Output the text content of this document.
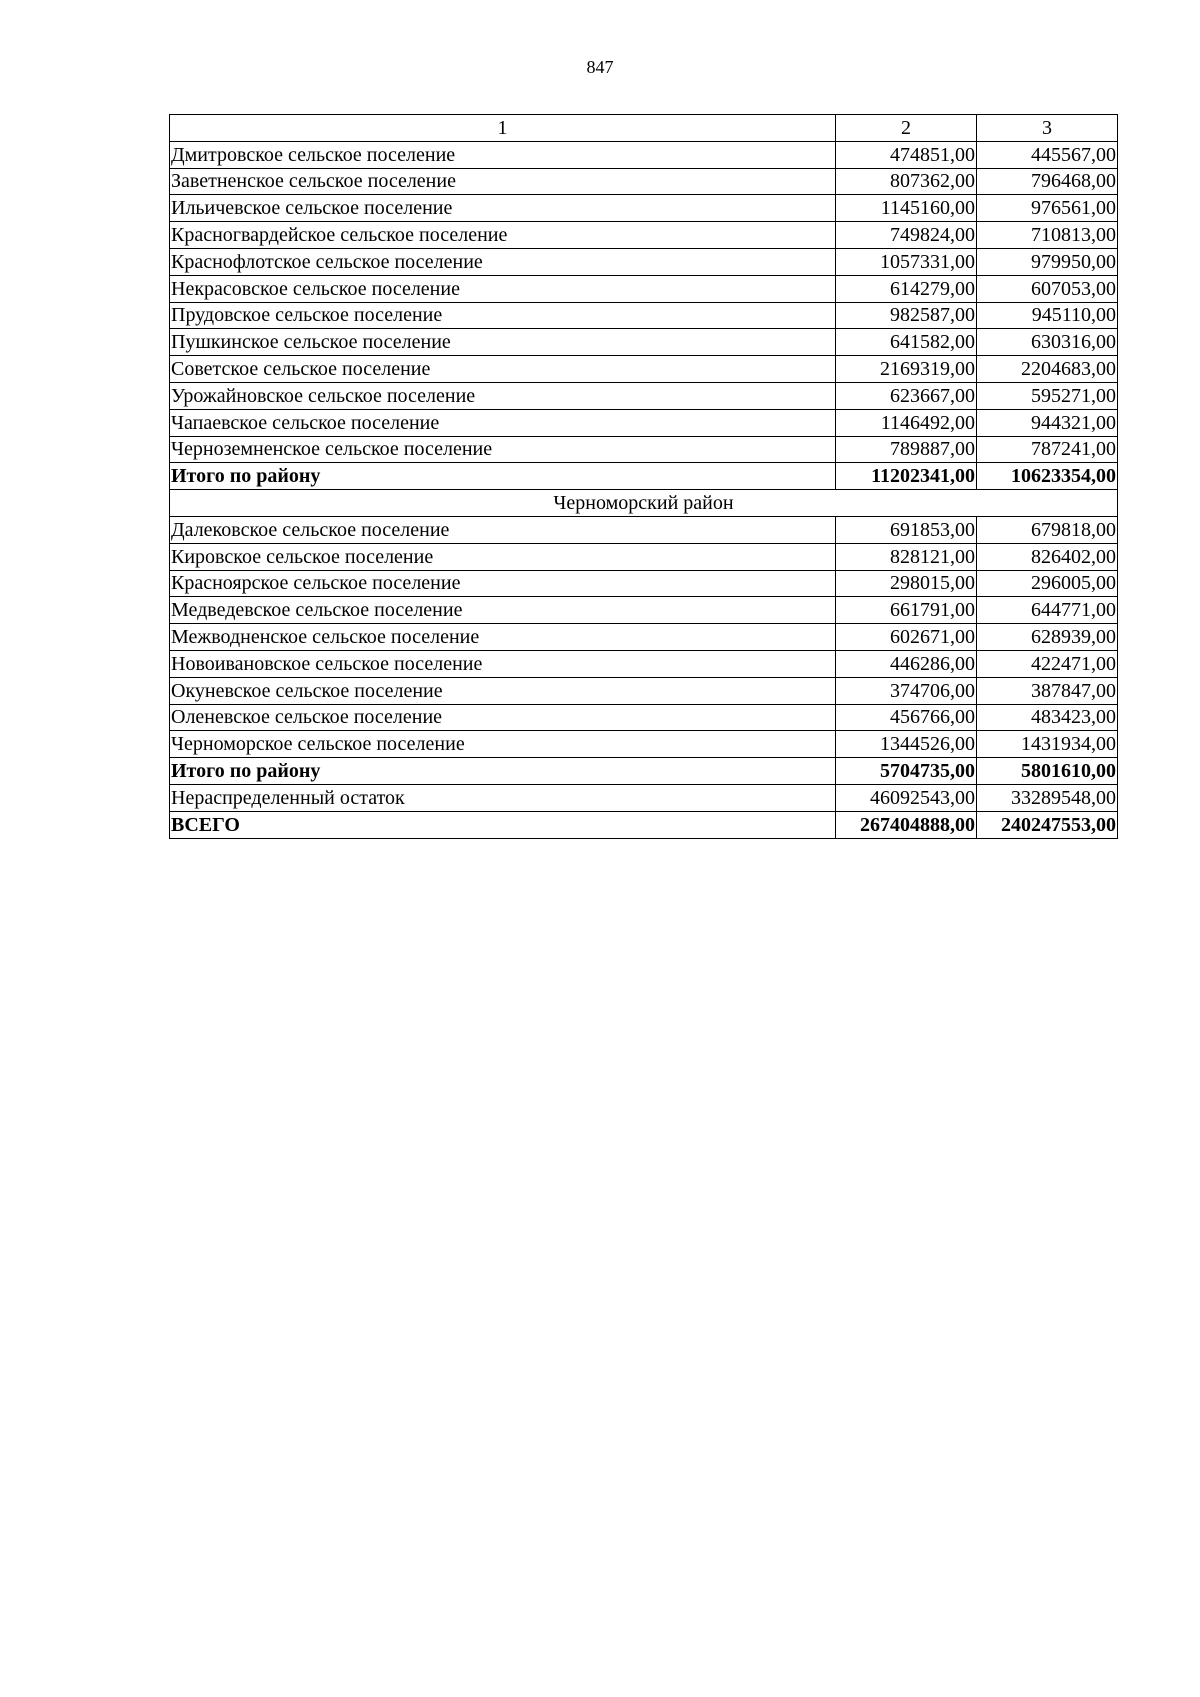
847
1	2	3
Дмитровское сельское поселение	474851,00	445567,00
Заветненское сельское поселение	807362,00	796468,00
Ильичевское сельское поселение	1145160,00	976561,00
Красногвардейское сельское поселение	749824,00	710813,00
Краснофлотское сельское поселение	1057331,00	979950,00
Некрасовское сельское поселение	614279,00	607053,00
Прудовское сельское поселение	982587,00	945110,00
Пушкинское сельское поселение	641582,00	630316,00
Советское сельское поселение	2169319,00	2204683,00
Урожайновское сельское поселение	623667,00	595271,00
Чапаевское сельское поселение	1146492,00	944321,00
Черноземненское сельское поселение	789887,00	787241,00
Итого по району	11202341,00	10623354,00
Черноморский район		
Далековское сельское поселение	691853,00	679818,00
Кировское сельское поселение	828121,00	826402,00
Красноярское сельское поселение	298015,00	296005,00
Медведевское сельское поселение	661791,00	644771,00
Межводненское сельское поселение	602671,00	628939,00
Новоивановское сельское поселение	446286,00	422471,00
Окуневское сельское поселение	374706,00	387847,00
Оленевское сельское поселение	456766,00	483423,00
Черноморское сельское поселение	1344526,00	1431934,00
Итого по району	5704735,00	5801610,00
Нераспределенный остаток	46092543,00	33289548,00
ВСЕГО	267404888,00	240247553,00
